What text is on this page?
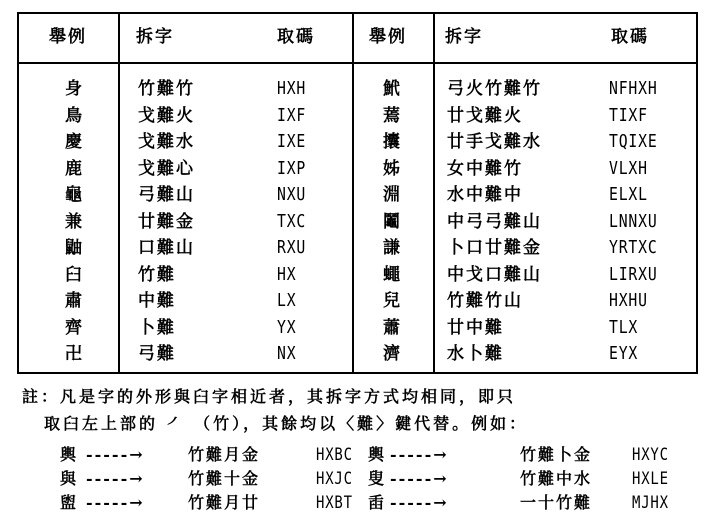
舉例	拆字	取碼	舉例 拆字	取碼
身	竹難竹	HXH	鮘	弓火竹難竹	NFHXH
鳥	戈難火	IXF	蔫	廿戈難火	TIXF
慶	戈難水	IXE	攮	廿手戈難水	TQIXE
鹿	戈難心	IXP	姊	女中難竹	VLXH
龜	弓難山	NXU	淵	水中難中	ELXL
兼	廿難金	TXC	鬮	中弓弓難山	LNNXU
鼬	口難山	RXU	謙	卜口廿難金	YRTXC
臼	竹難	HX	蠅	中戈口難山	LIRXU
肅	中難	LX	兒	竹難竹山	HXHU
齊	卜難	YX	蕭	廿中難	TLX
卍	弓難	NX	濟	水卜難	EYX
註：凡是字的外形與臼字相近者，其拆字方式均相同，即只
取臼左上部的 ㇒ （竹），其餘均以〈難〉鍵代替。例如：
輿 -----→	竹難月金	HXBC 輿 -----→	竹難卜金 HXYC
與 -----→	竹難十金	HXJC 叟 -----→	竹難中水 HXLE
盥 -----→	竹難月廿	HXBT 臿 -----→	一十竹難 MJHX
